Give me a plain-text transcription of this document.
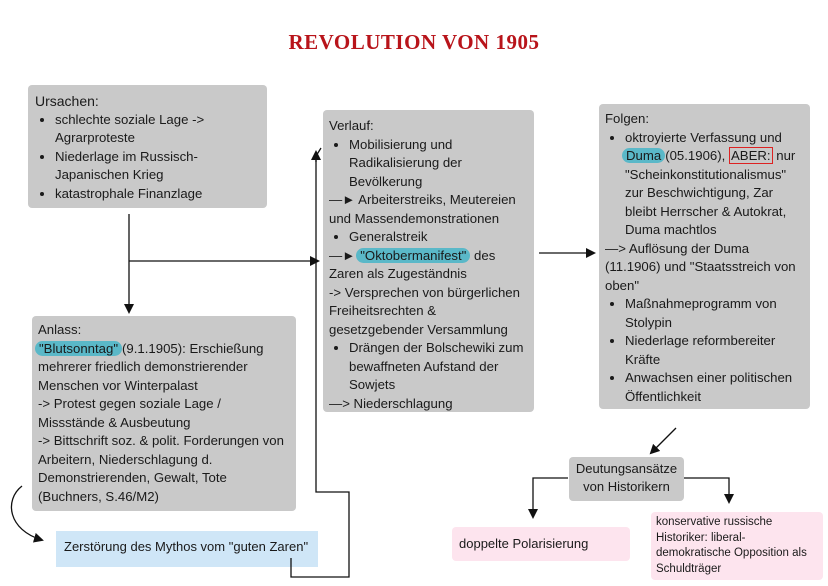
REVOLUTION VON 1905
Ursachen:
• schlechte soziale Lage -> Agrarproteste
• Niederlage im Russisch-Japanischen Krieg
• katastrophale Finanzlage
Anlass:
"Blutsonntag" (9.1.1905): Erschießung mehrerer friedlich demonstrierender Menschen vor Winterpalast
-> Protest gegen soziale Lage / Missstände & Ausbeutung
-> Bittschrift soz. & polit. Forderungen von Arbeitern, Niederschlagung d. Demonstrierenden, Gewalt, Tote (Buchners, S.46/M2)
Zerstörung des Mythos vom "guten Zaren"
Verlauf:
• Mobilisierung und Radikalisierung der Bevölkerung
—► Arbeiterstreiks, Meutereien und Massendemonstrationen
• Generalstreik
—► "Oktobermanifest" des Zaren als Zugeständnis
-> Versprechen von bürgerlichen Freiheitsrechten & gesetzgebender Versammlung
• Drängen der Bolschewiki zum bewaffneten Aufstand der Sowjets
—> Niederschlagung
Folgen:
• oktroyierte Verfassung und Duma (05.1906), ABER: nur "Scheinkonstitutionalismus" zur Beschwichtigung, Zar bleibt Herrscher & Autokrat, Duma machtlos
—> Auflösung der Duma (11.1906) und "Staatsstreich von oben"
• Maßnahmeprogramm von Stolypin
• Niederlage reformbereiter Kräfte
• Anwachsen einer politischen Öffentlichkeit
Deutungsansätze von Historikern
doppelte Polarisierung
konservative russische Historiker: liberal-demokratische Opposition als Schuldträger
